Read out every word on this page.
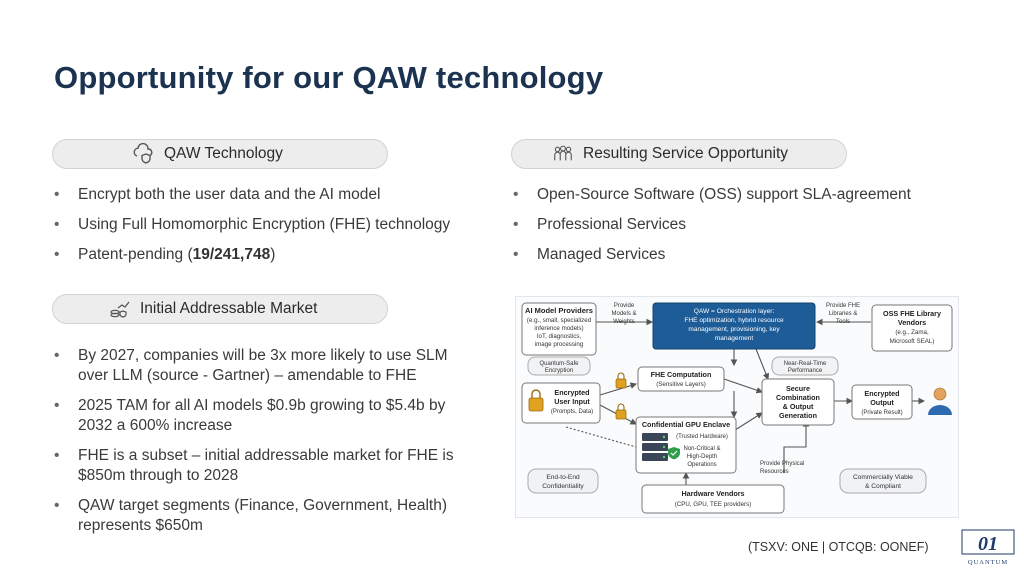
Opportunity for our QAW technology
QAW Technology
• Encrypt both the user data and the AI model
• Using Full Homomorphic Encryption (FHE) technology
• Patent-pending (19/241,748)
Initial Addressable Market
• By 2027, companies will be 3x more likely to use SLM
over LLM (source - Gartner) – amendable to FHE
• 2025 TAM for all AI models $0.9b growing to $5.4b by
2032 a 600% increase
• FHE is a subset – initial addressable market for FHE is
$850m through to 2028
• QAW target segments (Finance, Government, Health)
represents $650m
Resulting Service Opportunity
• Open-Source Software (OSS) support SLA-agreement
• Professional Services
• Managed Services
AI Model Providers
(e.g., small, specialized
inference models)
IoT, diagnostics,
image processing
Provide
Models &
Weights
QAW = Orchestration layer:
FHE optimization, hybrid resource
management, provisioning, key
management
Provide FHE
Libraries &
Tools
OSS FHE Library
Vendors
(e.g., Zama,
Microsoft SEAL)
Quantum-Safe
Encryption
Near-Real-Time
Performance
Encrypted
User Input
(Prompts, Data)
FHE Computation
(Sensitive Layers)	Secure
Combination
& Output
Generation
Encrypted
Output
(Private Result)
Confidential GPU Enclave
(Trusted Hardware)
Non-Critical &
High-Depth
Operations	Provide Physical
Resources
End-to-End
Confidentiality
Commercially Viable
& Compliant
Hardware Vendors
(CPU, GPU, TEE providers)
(TSXV: ONE | OTCQB: OONEF) 01
QUANTUM
